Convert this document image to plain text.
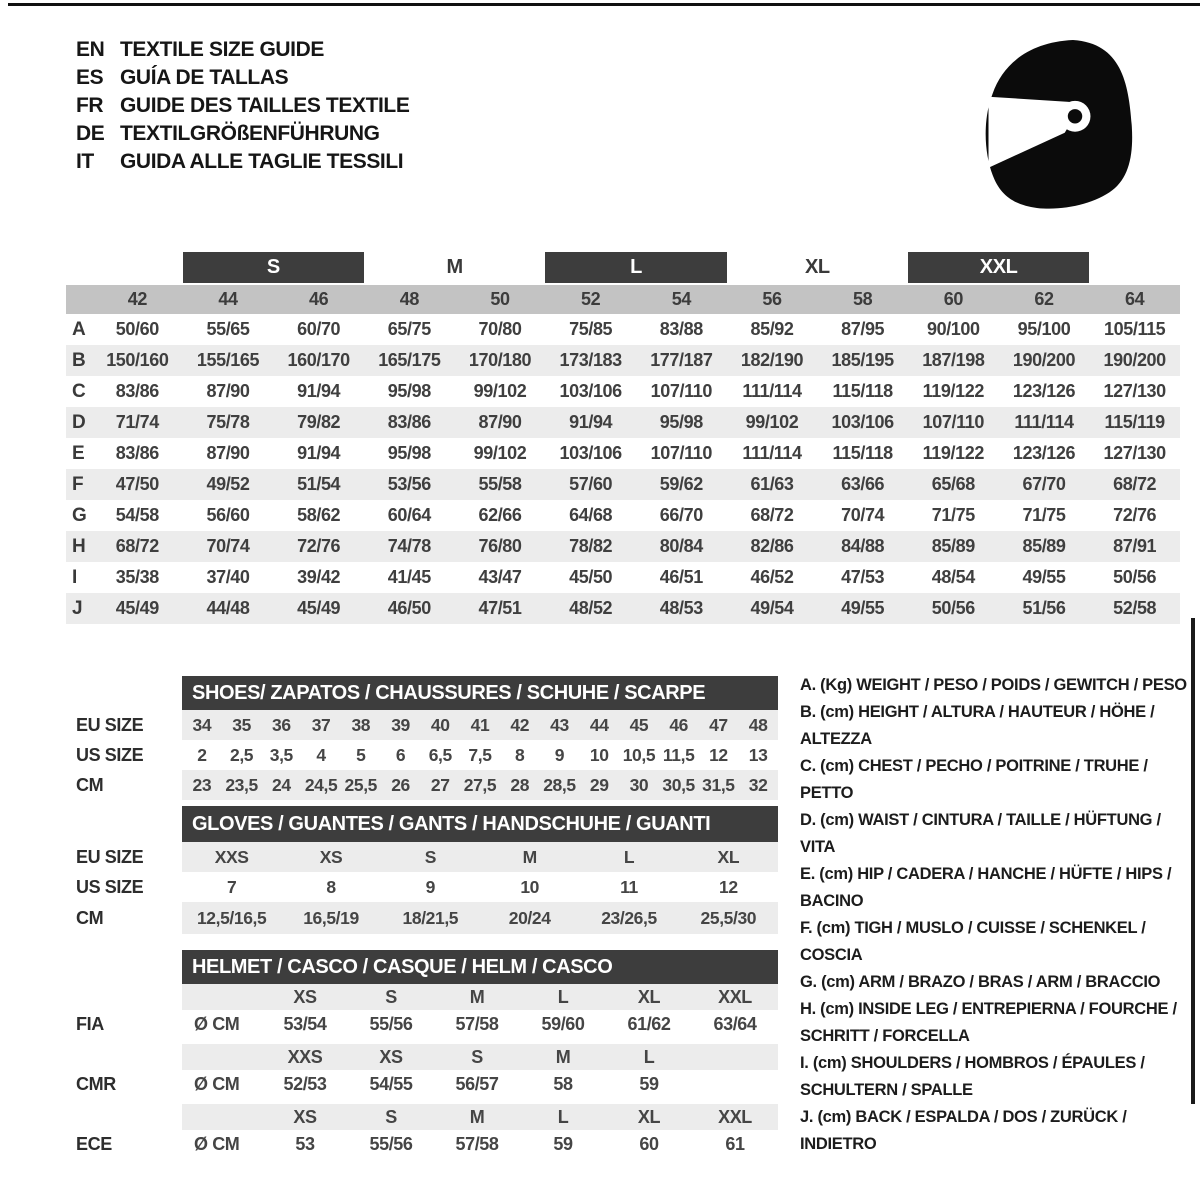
EN TEXTILE SIZE GUIDE
ES GUÍA DE TALLAS
FR GUIDE DES TAILLES TEXTILE
DE TEXTILGRÖßENFÜHRUNG
IT	GUIDA ALLE TAGLIE TESSILI
S	M	L	XL	XXL
42	44	46	48	50	52	54	56	58	60	62	64
A	50/60	55/65	60/70	65/75	70/80	75/85	83/88	85/92	87/95	90/100	95/100	105/115
B	150/160	155/165	160/170	165/175	170/180	173/183	177/187	182/190	185/195	187/198	190/200	190/200
C	83/86	87/90	91/94	95/98	99/102	103/106	107/110	111/114	115/118	119/122	123/126	127/130
D	71/74	75/78	79/82	83/86	87/90	91/94	95/98	99/102	103/106	107/110	111/114	115/119
E	83/86	87/90	91/94	95/98	99/102	103/106	107/110	111/114	115/118	119/122	123/126	127/130
F	47/50	49/52	51/54	53/56	55/58	57/60	59/62	61/63	63/66	65/68	67/70	68/72
G	54/58	56/60	58/62	60/64	62/66	64/68	66/70	68/72	70/74	71/75	71/75	72/76
H	68/72	70/74	72/76	74/78	76/80	78/82	80/84	82/86	84/88	85/89	85/89	87/91
I	35/38	37/40	39/42	41/45	43/47	45/50	46/51	46/52	47/53	48/54	49/55	50/56
J	45/49	44/48	45/49	46/50	47/51	48/52	48/53	49/54	49/55	50/56	51/56	52/58
EU SIZE
US SIZE
CM
SHOES/ ZAPATOS / CHAUSSURES / SCHUHE / SCARPE
34	35	36	37	38	39	40	41	42	43	44	45	46	47	48
2	2,5 3,5	4	5	6	6,5 7,5	8	9	10 10,5 11,5 12	13
23 23,5 24 24,5 25,5 26	27 27,5 28 28,5 29	30 30,5 31,5 32
EU SIZE
US SIZE
CM
GLOVES / GUANTES / GANTS / HANDSCHUHE / GUANTI
XXS	XS	S	M	L	XL
7	8	9	10	11	12
12,5/16,5	16,5/19	18/21,5	20/24	23/26,5	25,5/30
FIA
CMR
ECE
HELMET / CASCO / CASQUE / HELM / CASCO
XS	S	M	L	XL	XXL
Ø CM	53/54	55/56	57/58	59/60	61/62	63/64
XXS	XS	S	M	L
Ø CM	52/53	54/55	56/57	58	59
XS	S	M	L	XL	XXL
Ø CM	53	55/56	57/58	59	60	61
A. (Kg) WEIGHT / PESO / POIDS / GEWITCH / PESO
B. (cm) HEIGHT / ALTURA / HAUTEUR / HÖHE / ALTEZZA
C. (cm) CHEST / PECHO / POITRINE / TRUHE / PETTO
D. (cm) WAIST / CINTURA / TAILLE / HÜFTUNG / VITA
E. (cm) HIP / CADERA / HANCHE / HÜFTE / HIPS / BACINO
F. (cm) TIGH / MUSLO / CUISSE / SCHENKEL / COSCIA
G. (cm) ARM / BRAZO / BRAS / ARM / BRACCIO
H. (cm) INSIDE LEG / ENTREPIERNA / FOURCHE /
SCHRITT / FORCELLA
I. (cm) SHOULDERS / HOMBROS / ÉPAULES /
SCHULTERN / SPALLE
J. (cm) BACK / ESPALDA / DOS / ZURÜCK / INDIETRO
